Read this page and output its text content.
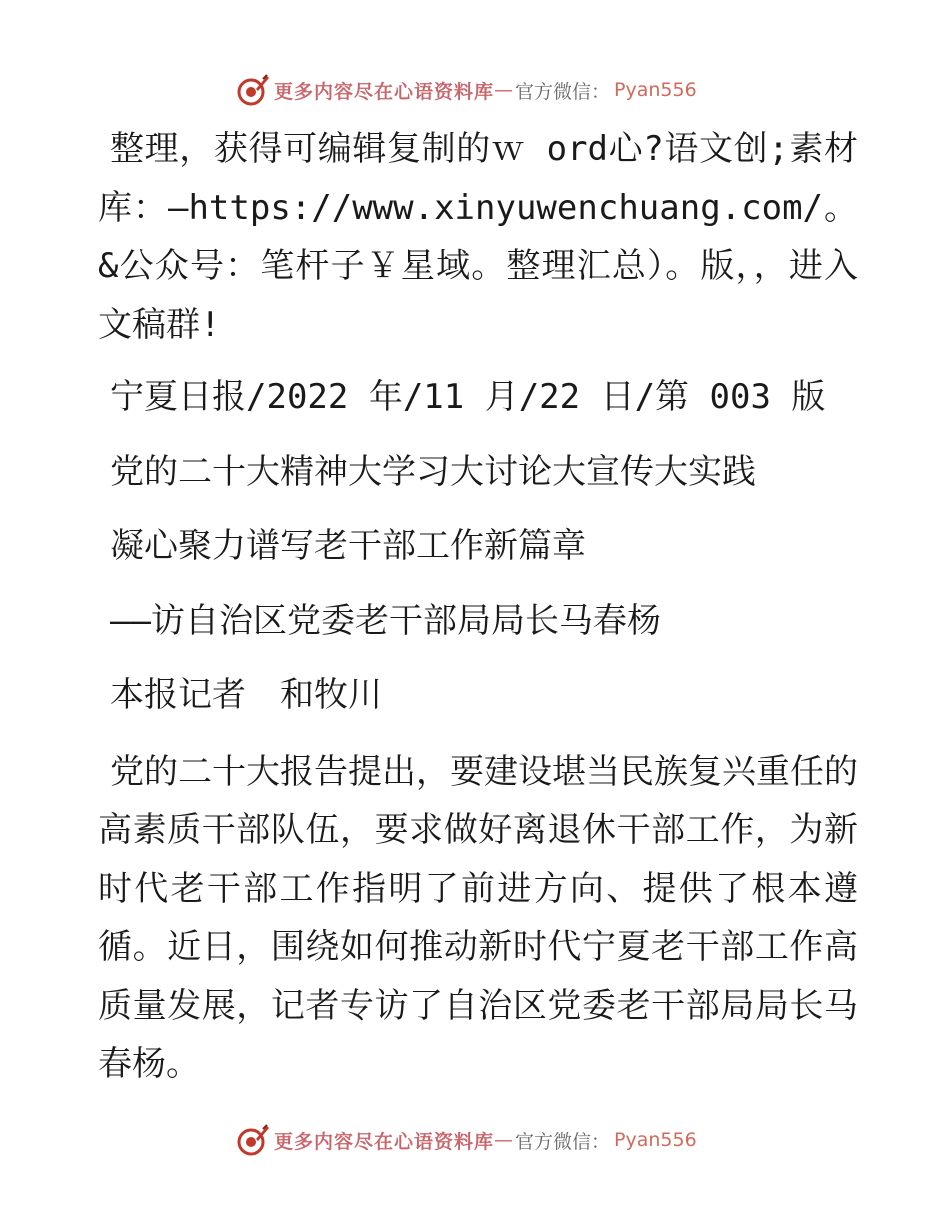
更多内容尽在心语资料库 — 官方微信： Pyan556

整理，获得可编辑复制的ｗ ord心?语文创;素材库：—https://www.xinyuwenchuang.com/。&公众号：笔杆子￥星域。整理汇总）。版，，进入文稿群!

宁夏日报/2022 年/11 月/22 日/第 003 版

党的二十大精神大学习大讨论大宣传大实践

凝心聚力谱写老干部工作新篇章

——访自治区党委老干部局局长马春杨

本报记者　和牧川

党的二十大报告提出，要建设堪当民族复兴重任的高素质干部队伍，要求做好离退休干部工作，为新时代老干部工作指明了前进方向、提供了根本遵循。近日，围绕如何推动新时代宁夏老干部工作高质量发展，记者专访了自治区党委老干部局局长马春杨。

更多内容尽在心语资料库 — 官方微信： Pyan556
